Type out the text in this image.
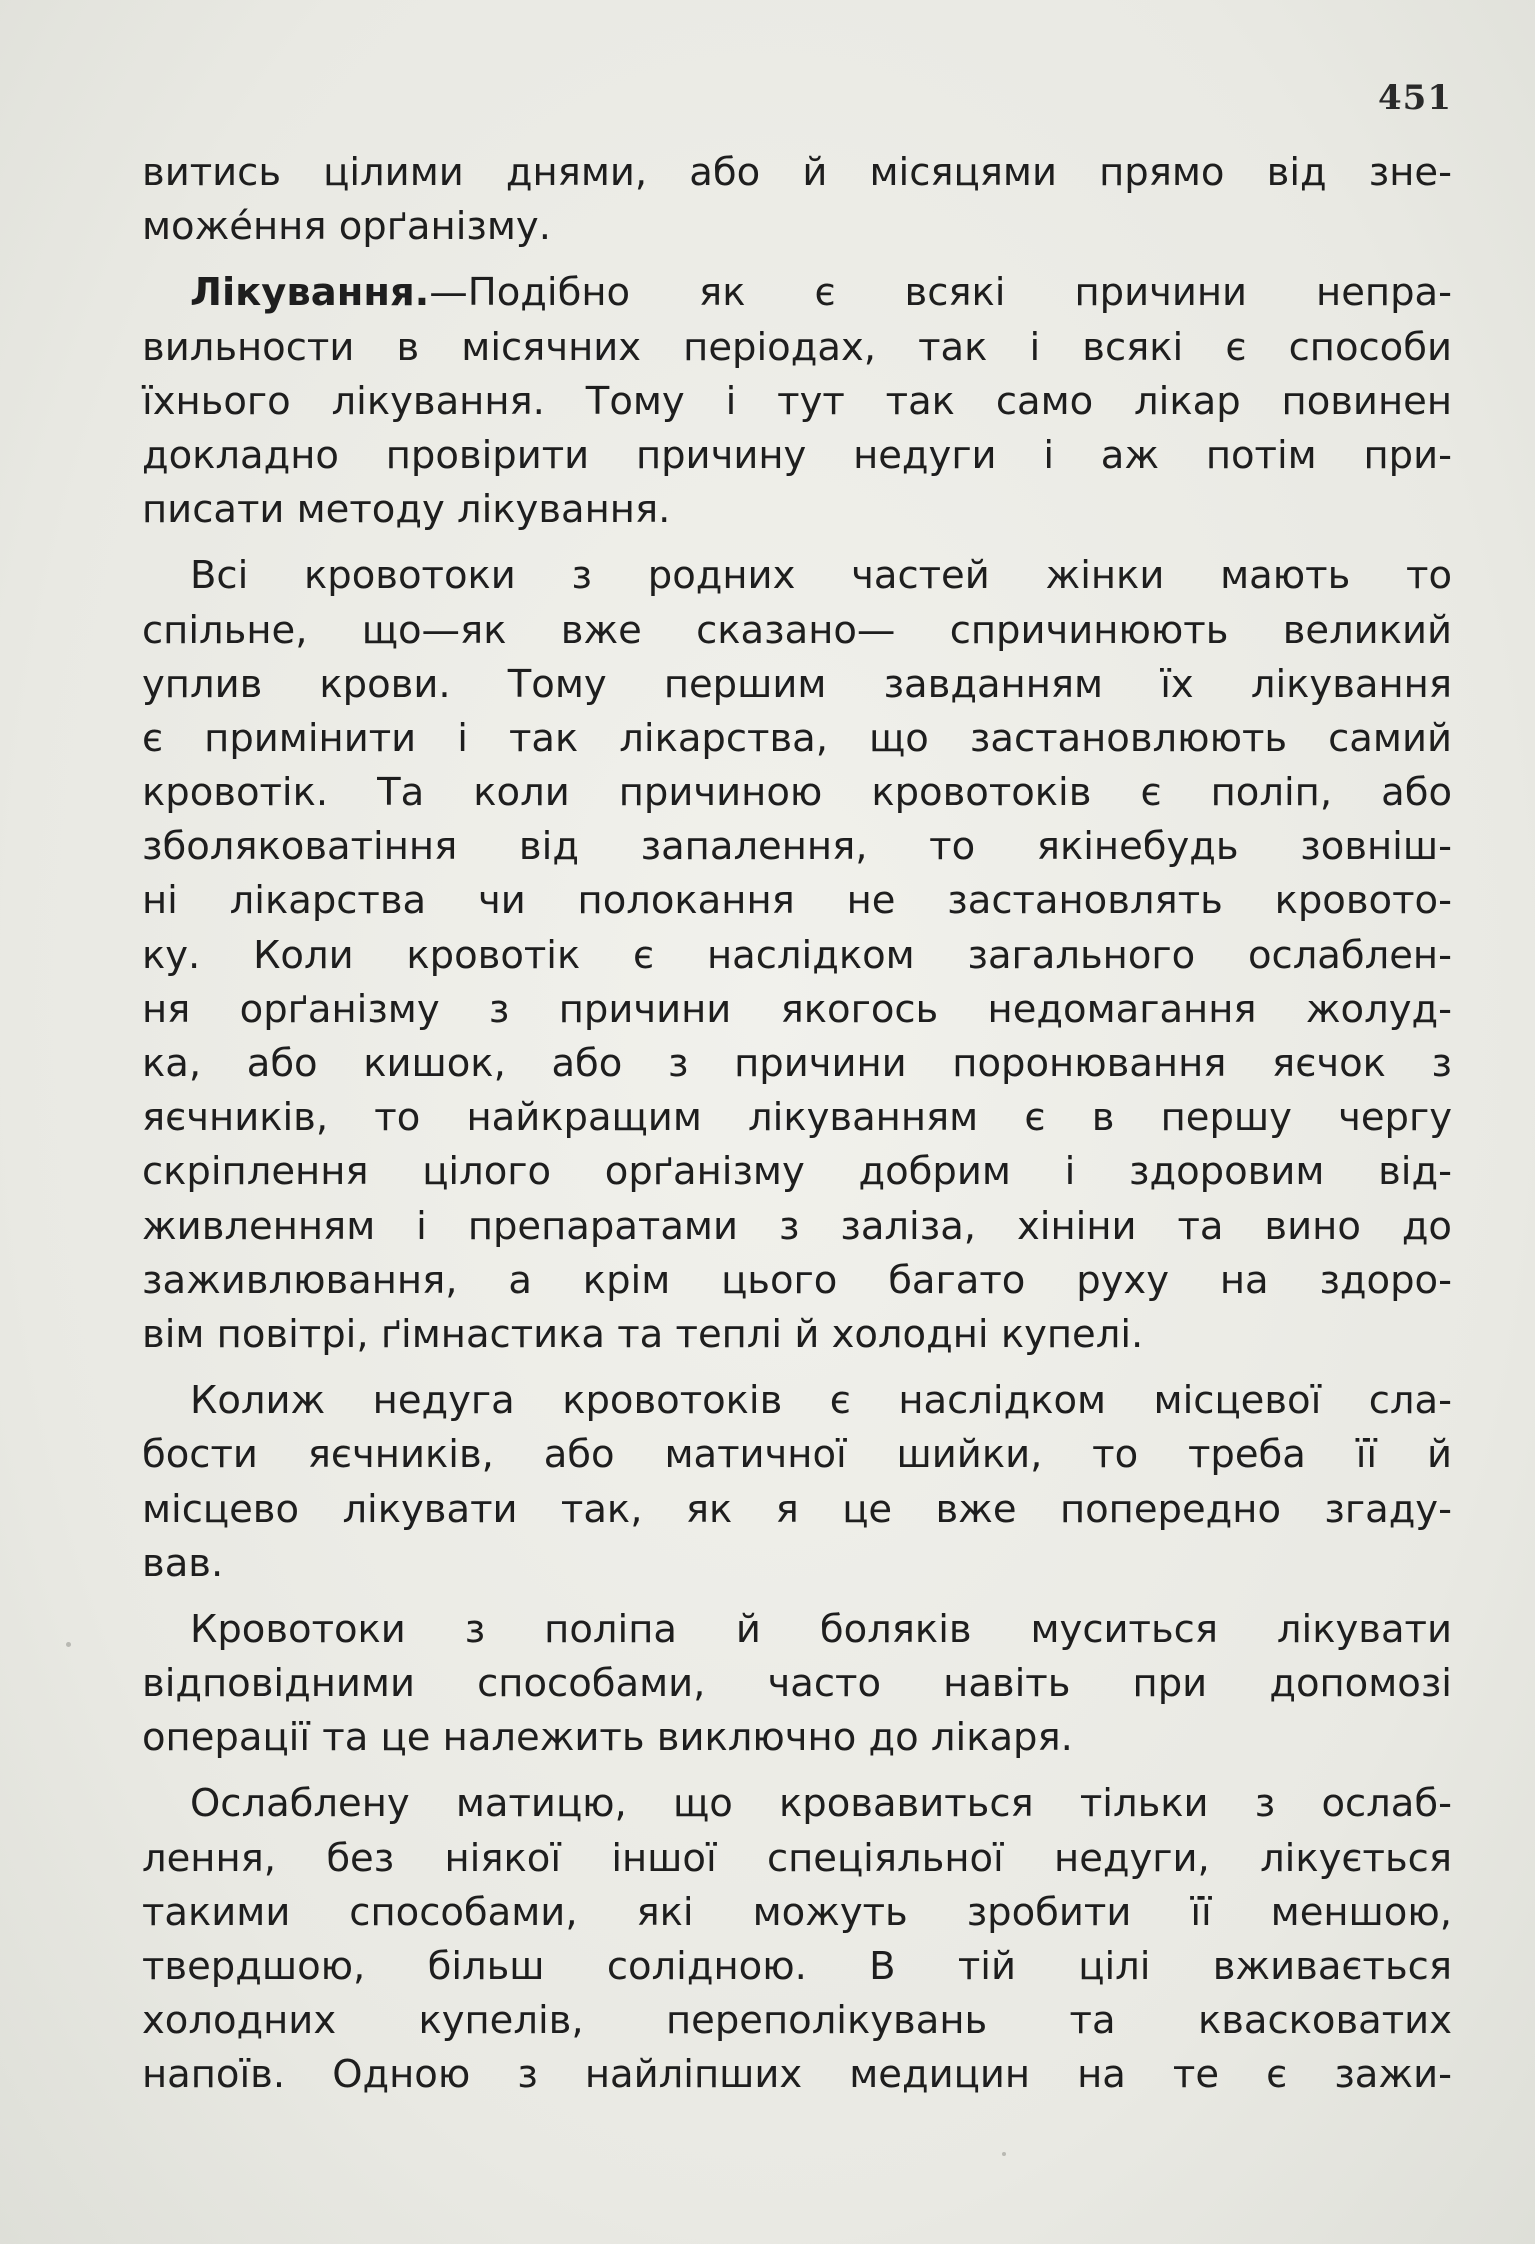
451
витись цілими днями, або й місяцями прямо від зне-
може́ння орґанізму.
Лікування.—Подібно як є всякі причини непра-
вильности в місячних періодах, так і всякі є способи
їхнього лікування. Тому і тут так само лікар повинен
докладно провірити причину недуги і аж потім при-
писати методу лікування.
Всі кровотоки з родних частей жінки мають то
спільне, що—як вже сказано— спричинюють великий
уплив крови. Тому першим завданням їх лікування
є примінити і так лікарства, що застановлюють самий
кровотік. Та коли причиною кровотоків є поліп, або
зболяковатіння від запалення, то якінебудь зовніш-
ні лікарства чи полокання не застановлять кровото-
ку. Коли кровотік є наслідком загального ослаблен-
ня орґанізму з причини якогось недомагання жолуд-
ка, або кишок, або з причини поронювання яєчок з
яєчників, то найкращим лікуванням є в першу чергу
скріплення цілого орґанізму добрим і здоровим від-
живленням і препаратами з заліза, хініни та вино до
заживлювання, а крім цього багато руху на здоро-
вім повітрі, ґімнастика та теплі й холодні купелі.
Колиж недуга кровотоків є наслідком місцевої сла-
бости яєчників, або матичної шийки, то треба її й
місцево лікувати так, як я це вже попередно згаду-
вав.
Кровотоки з поліпа й боляків муситься лікувати
відповідними способами, часто навіть при допомозі
операції та це належить виключно до лікаря.
Ослаблену матицю, що кровавиться тільки з ослаб-
лення, без ніякої іншої спеціяльної недуги, лікується
такими способами, які можуть зробити її меншою,
твердшою, більш солідною. В тій цілі вживається
холодних купелів, переполікувань та квасковатих
напоїв. Одною з найліпших медицин на те є зажи-
